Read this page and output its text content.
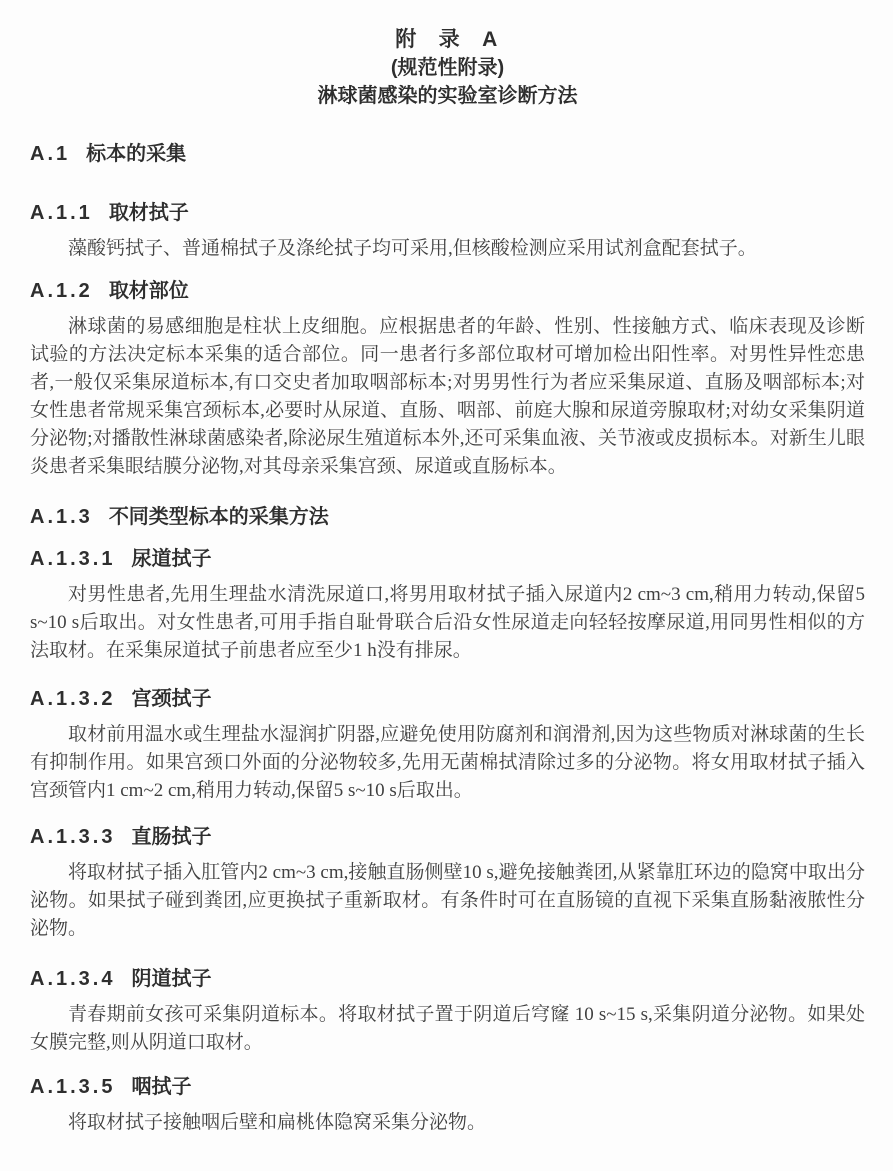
附 录 A
(规范性附录)
淋球菌感染的实验室诊断方法
A.1 标本的采集
A.1.1 取材拭子

藻酸钙拭子、普通棉拭子及涤纶拭子均可采用,但核酸检测应采用试剂盒配套拭子。

A.1.2 取材部位

淋球菌的易感细胞是柱状上皮细胞。应根据患者的年龄、性别、性接触方式、临床表现及诊断试验的方法决定标本采集的适合部位。同一患者行多部位取材可增加检出阳性率。对男性异性恋患者,一般仅采集尿道标本,有口交史者加取咽部标本;对男男性行为者应采集尿道、直肠及咽部标本;对女性患者常规采集宫颈标本,必要时从尿道、直肠、咽部、前庭大腺和尿道旁腺取材;对幼女采集阴道分泌物;对播散性淋球菌感染者,除泌尿生殖道标本外,还可采集血液、关节液或皮损标本。对新生儿眼炎患者采集眼结膜分泌物,对其母亲采集宫颈、尿道或直肠标本。

A.1.3 不同类型标本的采集方法
A.1.3.1 尿道拭子

对男性患者,先用生理盐水清洗尿道口,将男用取材拭子插入尿道内2 cm~3 cm,稍用力转动,保留5 s~10 s后取出。对女性患者,可用手指自耻骨联合后沿女性尿道走向轻轻按摩尿道,用同男性相似的方法取材。在采集尿道拭子前患者应至少1 h没有排尿。

A.1.3.2 宫颈拭子

取材前用温水或生理盐水湿润扩阴器,应避免使用防腐剂和润滑剂,因为这些物质对淋球菌的生长有抑制作用。如果宫颈口外面的分泌物较多,先用无菌棉拭清除过多的分泌物。将女用取材拭子插入宫颈管内1 cm~2 cm,稍用力转动,保留5 s~10 s后取出。

A.1.3.3 直肠拭子

将取材拭子插入肛管内2 cm~3 cm,接触直肠侧壁10 s,避免接触粪团,从紧靠肛环边的隐窝中取出分泌物。如果拭子碰到粪团,应更换拭子重新取材。有条件时可在直肠镜的直视下采集直肠黏液脓性分泌物。

A.1.3.4 阴道拭子

青春期前女孩可采集阴道标本。将取材拭子置于阴道后穹窿 10 s~15 s,采集阴道分泌物。如果处女膜完整,则从阴道口取材。

A.1.3.5 咽拭子

将取材拭子接触咽后壁和扁桃体隐窝采集分泌物。
